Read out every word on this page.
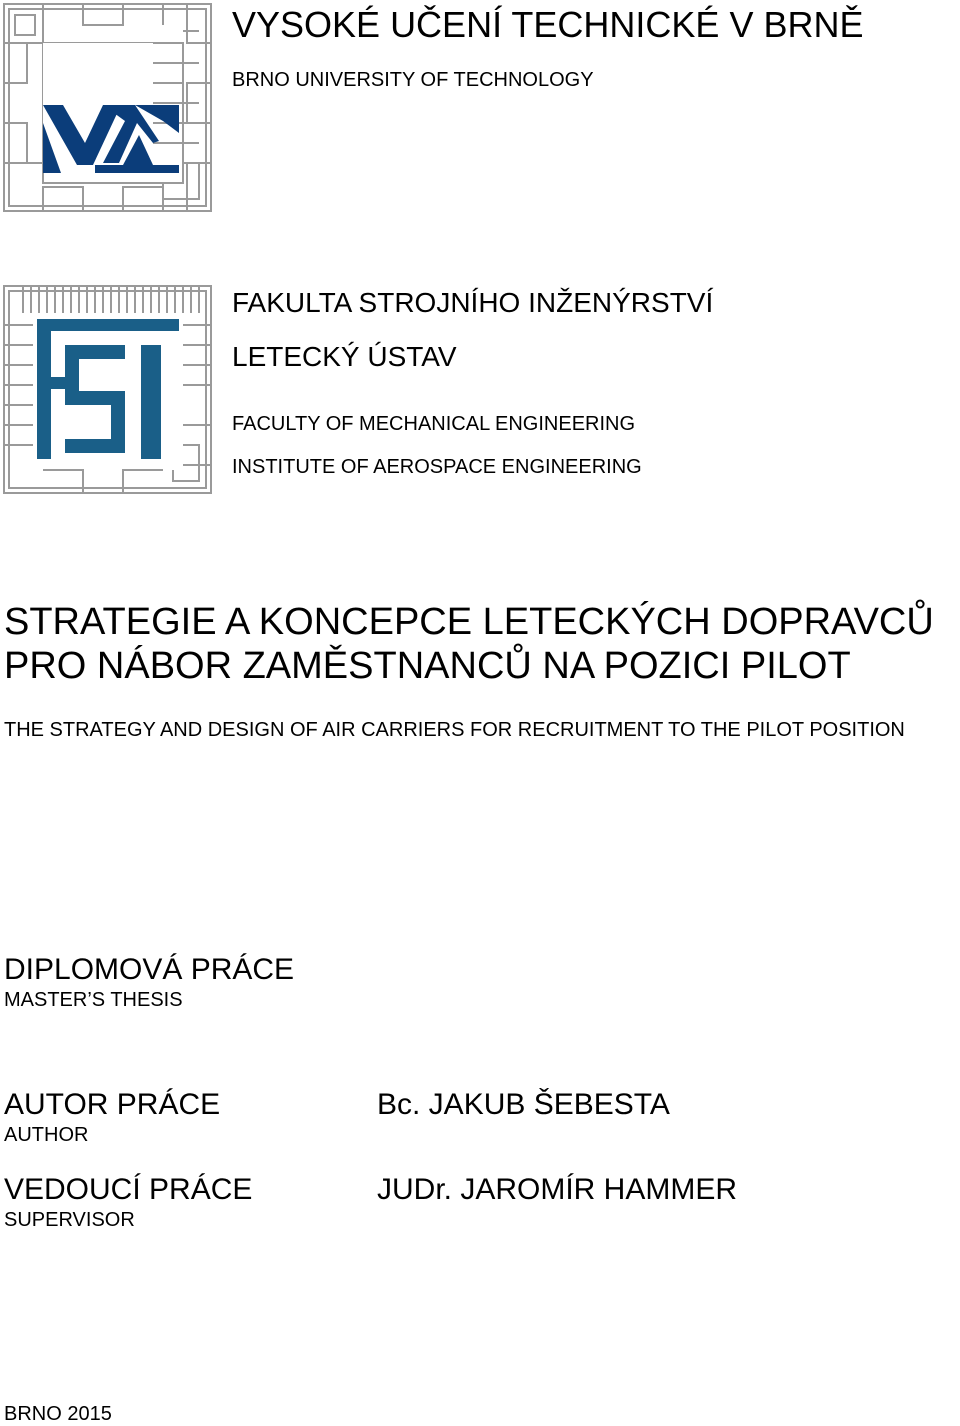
VYSOKÉ UČENÍ TECHNICKÉ V BRNĚ
BRNO UNIVERSITY OF TECHNOLOGY
FAKULTA STROJNÍHO INŽENÝRSTVÍ
LETECKÝ ÚSTAV
FACULTY OF MECHANICAL ENGINEERING
INSTITUTE OF AEROSPACE ENGINEERING
STRATEGIE A KONCEPCE LETECKÝCH DOPRAVCŮ
PRO NÁBOR ZAMĚSTNANCŮ NA POZICI PILOT
THE STRATEGY AND DESIGN OF AIR CARRIERS FOR RECRUITMENT TO THE PILOT POSITION
DIPLOMOVÁ PRÁCE
MASTER’S THESIS
AUTOR PRÁCE
AUTHOR
Bc. JAKUB ŠEBESTA
VEDOUCÍ PRÁCE
SUPERVISOR
JUDr. JAROMÍR HAMMER
BRNO 2015
